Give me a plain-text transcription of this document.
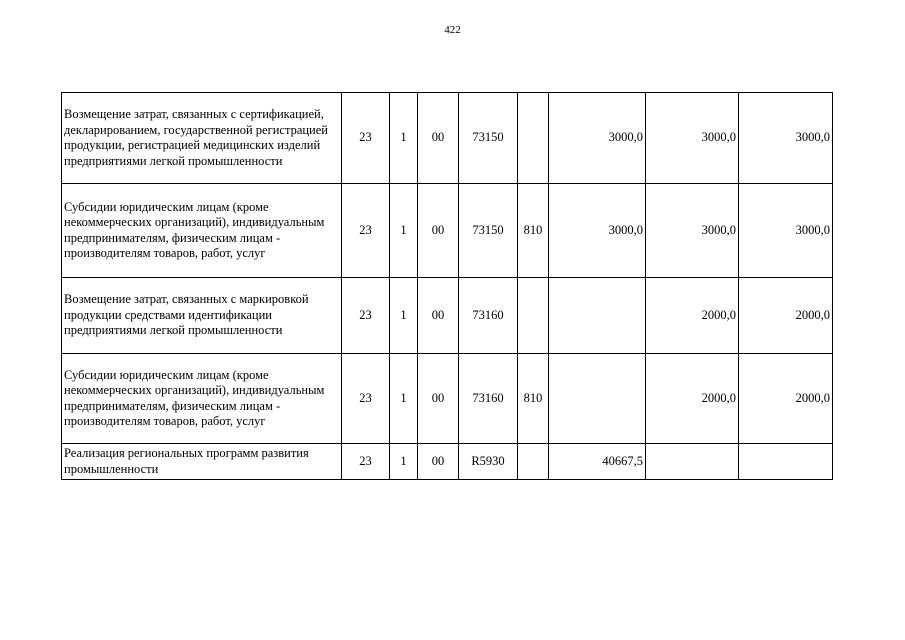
422
Возмещение затрат, связанных с сертификацией, декларированием, государственной регистрацией продукции, регистрацией медицинских изделий предприятиями легкой промышленности	23	1	00	73150		3000,0	3000,0	3000,0
Субсидии юридическим лицам (кроме некоммерческих организаций), индивидуальным предпринимателям, физическим лицам - производителям товаров, работ, услуг	23	1	00	73150	810	3000,0	3000,0	3000,0
Возмещение затрат, связанных с маркировкой продукции средствами идентификации предприятиями легкой промышленности	23	1	00	73160			2000,0	2000,0
Субсидии юридическим лицам (кроме некоммерческих организаций), индивидуальным предпринимателям, физическим лицам - производителям товаров, работ, услуг	23	1	00	73160	810		2000,0	2000,0
Реализация региональных программ развития промышленности	23	1	00	R5930		40667,5		
